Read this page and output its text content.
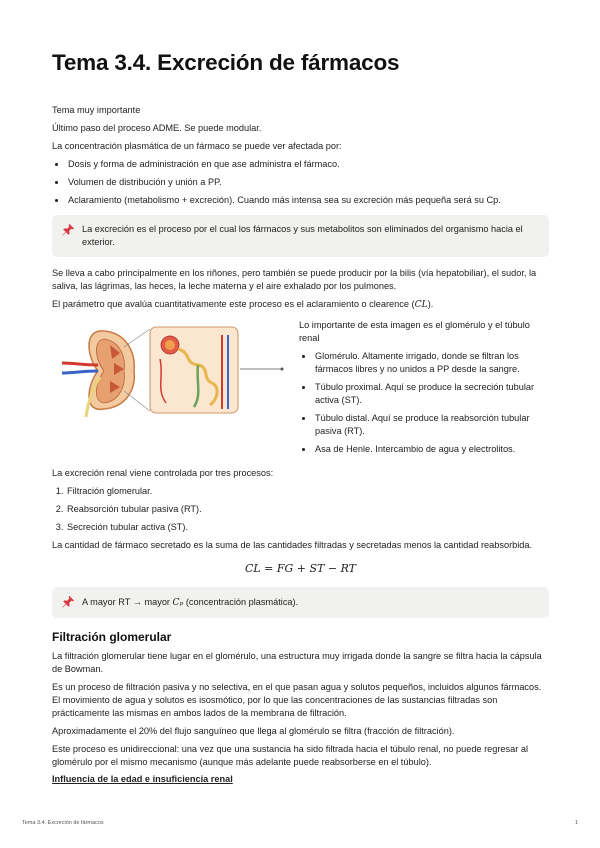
Tema 3.4. Excreción de fármacos

Tema muy importante

Último paso del proceso ADME. Se puede modular.

La concentración plasmática de un fármaco se puede ver afectada por:

• Dosis y forma de administración en que ase administra el fármaco.
• Volumen de distribución y unión a PP.
• Aclaramiento (metabolismo + excreción). Cuando más intensa sea su excreción más pequeña será su Cp.
La excreción es el proceso por el cual los fármacos y sus metabolitos son eliminados del organismo hacia el exterior.

Se lleva a cabo principalmente en los riñones, pero también se puede producir por la bilis (vía hepatobiliar), el sudor, la saliva, las lágrimas, las heces, la leche materna y el aire exhalado por los pulmones.

El parámetro que avalúa cuantitativamente este proceso es el aclaramiento o clearence (CL).

Lo importante de esta imagen es el glomérulo y el túbulo renal

• Glomérulo. Altamente irrigado, donde se filtran los fármacos libres y no unidos a PP desde la sangre.
• Túbulo proximal. Aquí se produce la secreción tubular activa (ST).
• Túbulo distal. Aquí se produce la reabsorción tubular pasiva (RT).
• Asa de Henle. Intercambio de agua y electrolitos.

La excreción renal viene controlada por tres procesos:

1. Filtración glomerular.
2. Reabsorción tubular pasiva (RT).
3. Secreción tubular activa (ST).

La cantidad de fármaco secretado es la suma de las cantidades filtradas y secretadas menos la cantidad reabsorbida.

CL = FG + ST − RT
A mayor RT → mayor Cₚ (concentración plasmática).
Filtración glomerular

La filtración glomerular tiene lugar en el glomérulo, una estructura muy irrigada donde la sangre se filtra hacia la cápsula de Bowman.

Es un proceso de filtración pasiva y no selectiva, en el que pasan agua y solutos pequeños, incluidos algunos fármacos. El movimiento de agua y solutos es isosmótico, por lo que las concentraciones de las sustancias filtradas son prácticamente las mismas en ambos lados de la membrana de filtración.

Aproximadamente el 20% del flujo sanguíneo que llega al glomérulo se filtra (fracción de filtración).

Este proceso es unidireccional: una vez que una sustancia ha sido filtrada hacia el túbulo renal, no puede regresar al glomérulo por el mismo mecanismo (aunque más adelante puede reabsorberse en el túbulo).

Influencia de la edad e insuficiencia renal
Tema 3.4. Excreción de fármacos	1
